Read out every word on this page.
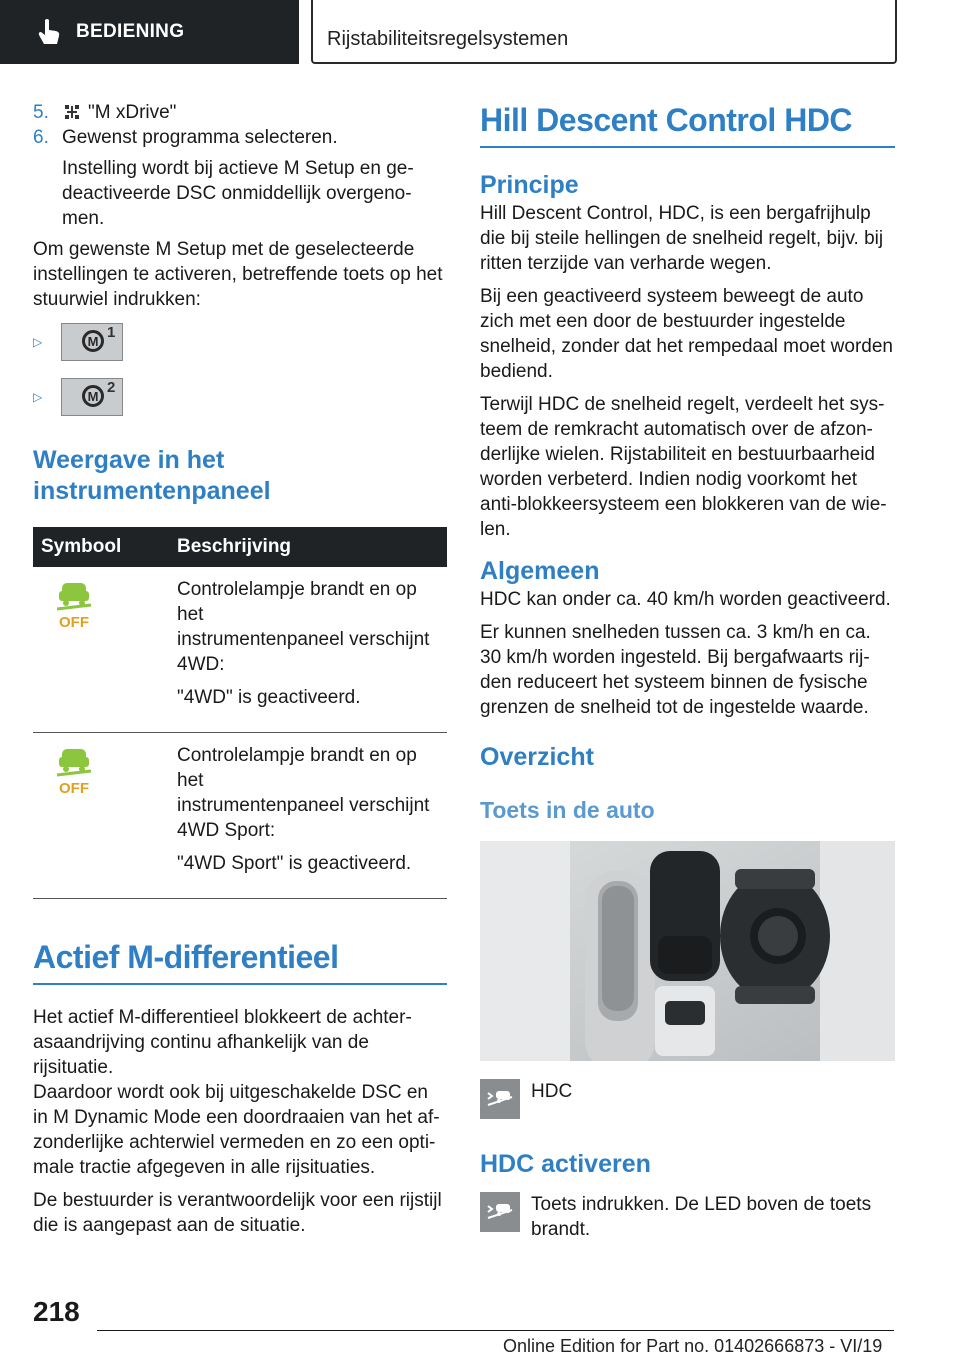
BEDIENING	Rijstabiliteitsregelsystemen
5. "M xDrive"
6. Gewenst programma selecteren.
Instelling wordt bij actieve M Setup en ge‐
deactiveerde DSC onmiddellijk overgeno‐
men.

Om gewenste M Setup met de geselecteerde
instellingen te activeren, betreffende toets op het
stuurwiel indrukken:

▷	M
1
▷	M
2
Weergave in het
instrumentenpaneel
Symbool	Beschrijving

OFF	Controlelampje brandt en op het
instrumentenpaneel verschijnt
4WD:

"4WD" is geactiveerd.

OFF	Controlelampje brandt en op het
instrumentenpaneel verschijnt
4WD Sport:

"4WD Sport" is geactiveerd.

Actief M-differentieel

Het actief M-differentieel blokkeert de achter‐
asaandrijving continu afhankelijk van de rijsituatie.
Daardoor wordt ook bij uitgeschakelde DSC en
in M Dynamic Mode een doordraaien van het af‐
zonderlijke achterwiel vermeden en zo een opti‐
male tractie afgegeven in alle rijsituaties.

De bestuurder is verantwoordelijk voor een rijstijl
die is aangepast aan de situatie.

Hill Descent Control HDC
Principe

Hill Descent Control, HDC, is een bergafrijhulp
die bij steile hellingen de snelheid regelt, bijv. bij
ritten terzijde van verharde wegen.

Bij een geactiveerd systeem beweegt de auto
zich met een door de bestuurder ingestelde
snelheid, zonder dat het rempedaal moet worden
bediend.

Terwijl HDC de snelheid regelt, verdeelt het sys‐
teem de remkracht automatisch over de afzon‐
derlijke wielen. Rijstabiliteit en bestuurbaarheid
worden verbeterd. Indien nodig voorkomt het
anti-blokkeersysteem een blokkeren van de wie‐
len.

Algemeen

HDC kan onder ca. 40 km/h worden geactiveerd.

Er kunnen snelheden tussen ca. 3 km/h en ca.
30 km/h worden ingesteld. Bij bergafwaarts rij‐
den reduceert het systeem binnen de fysische
grenzen de snelheid tot de ingestelde waarde.

Overzicht
Toets in de auto
HDC
HDC activeren

Toets indrukken. De LED boven de toets
brandt.

218
Online Edition for Part no. 01402666873 - VI/19
